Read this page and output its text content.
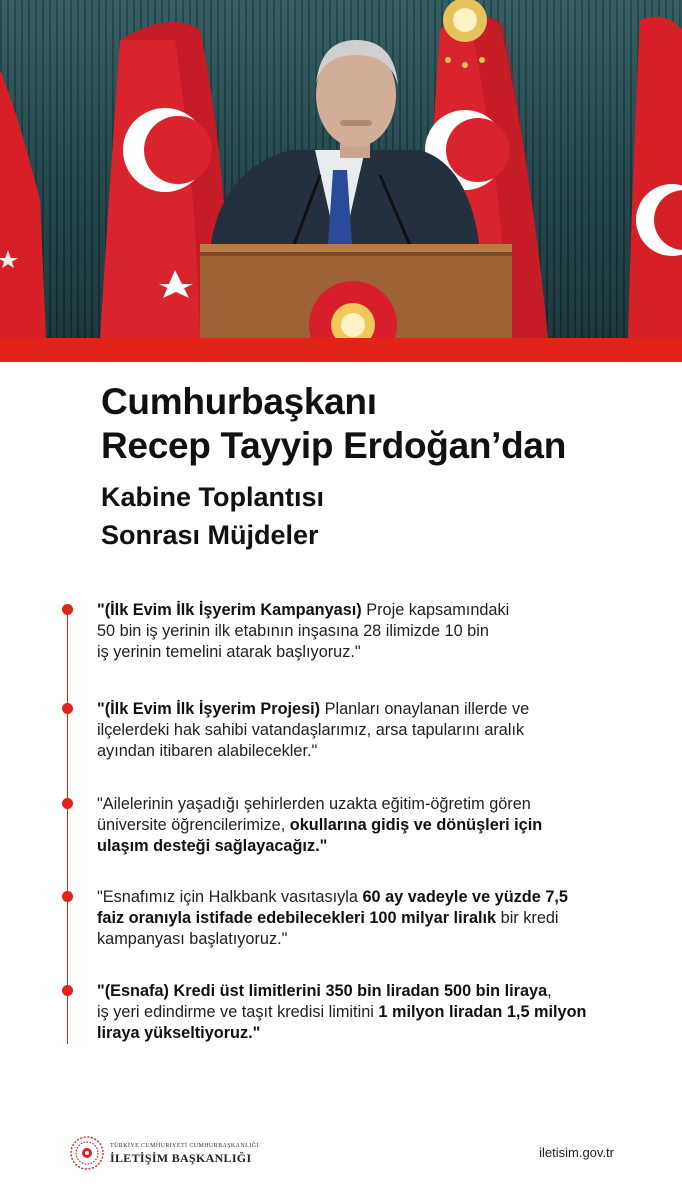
Cumhurbaşkanı
Recep Tayyip Erdoğan’dan
Kabine Toplantısı
Sonrası Müjdeler

"(İlk Evim İlk İşyerim Kampanyası) Proje kapsamındaki
50 bin iş yerinin ilk etabının inşasına 28 ilimizde 10 bin
iş yerinin temelini atarak başlıyoruz."

"(İlk Evim İlk İşyerim Projesi) Planları onaylanan illerde ve
ilçelerdeki hak sahibi vatandaşlarımız, arsa tapularını aralık
ayından itibaren alabilecekler."

"Ailelerinin yaşadığı şehirlerden uzakta eğitim-öğretim gören
üniversite öğrencilerimize, okullarına gidiş ve dönüşleri için
ulaşım desteği sağlayacağız."

"Esnafımız için Halkbank vasıtasıyla 60 ay vadeyle ve yüzde 7,5
faiz oranıyla istifade edebilecekleri 100 milyar liralık bir kredi
kampanyası başlatıyoruz."

"(Esnafa) Kredi üst limitlerini 350 bin liradan 500 bin liraya,
iş yeri edindirme ve taşıt kredisi limitini 1 milyon liradan 1,5 milyon
liraya yükseltiyoruz."

TÜRKİYE CUMHURİYETİ CUMHURBAŞKANLIĞI
İLETİŞİM BAŞKANLIĞI	iletisim.gov.tr
